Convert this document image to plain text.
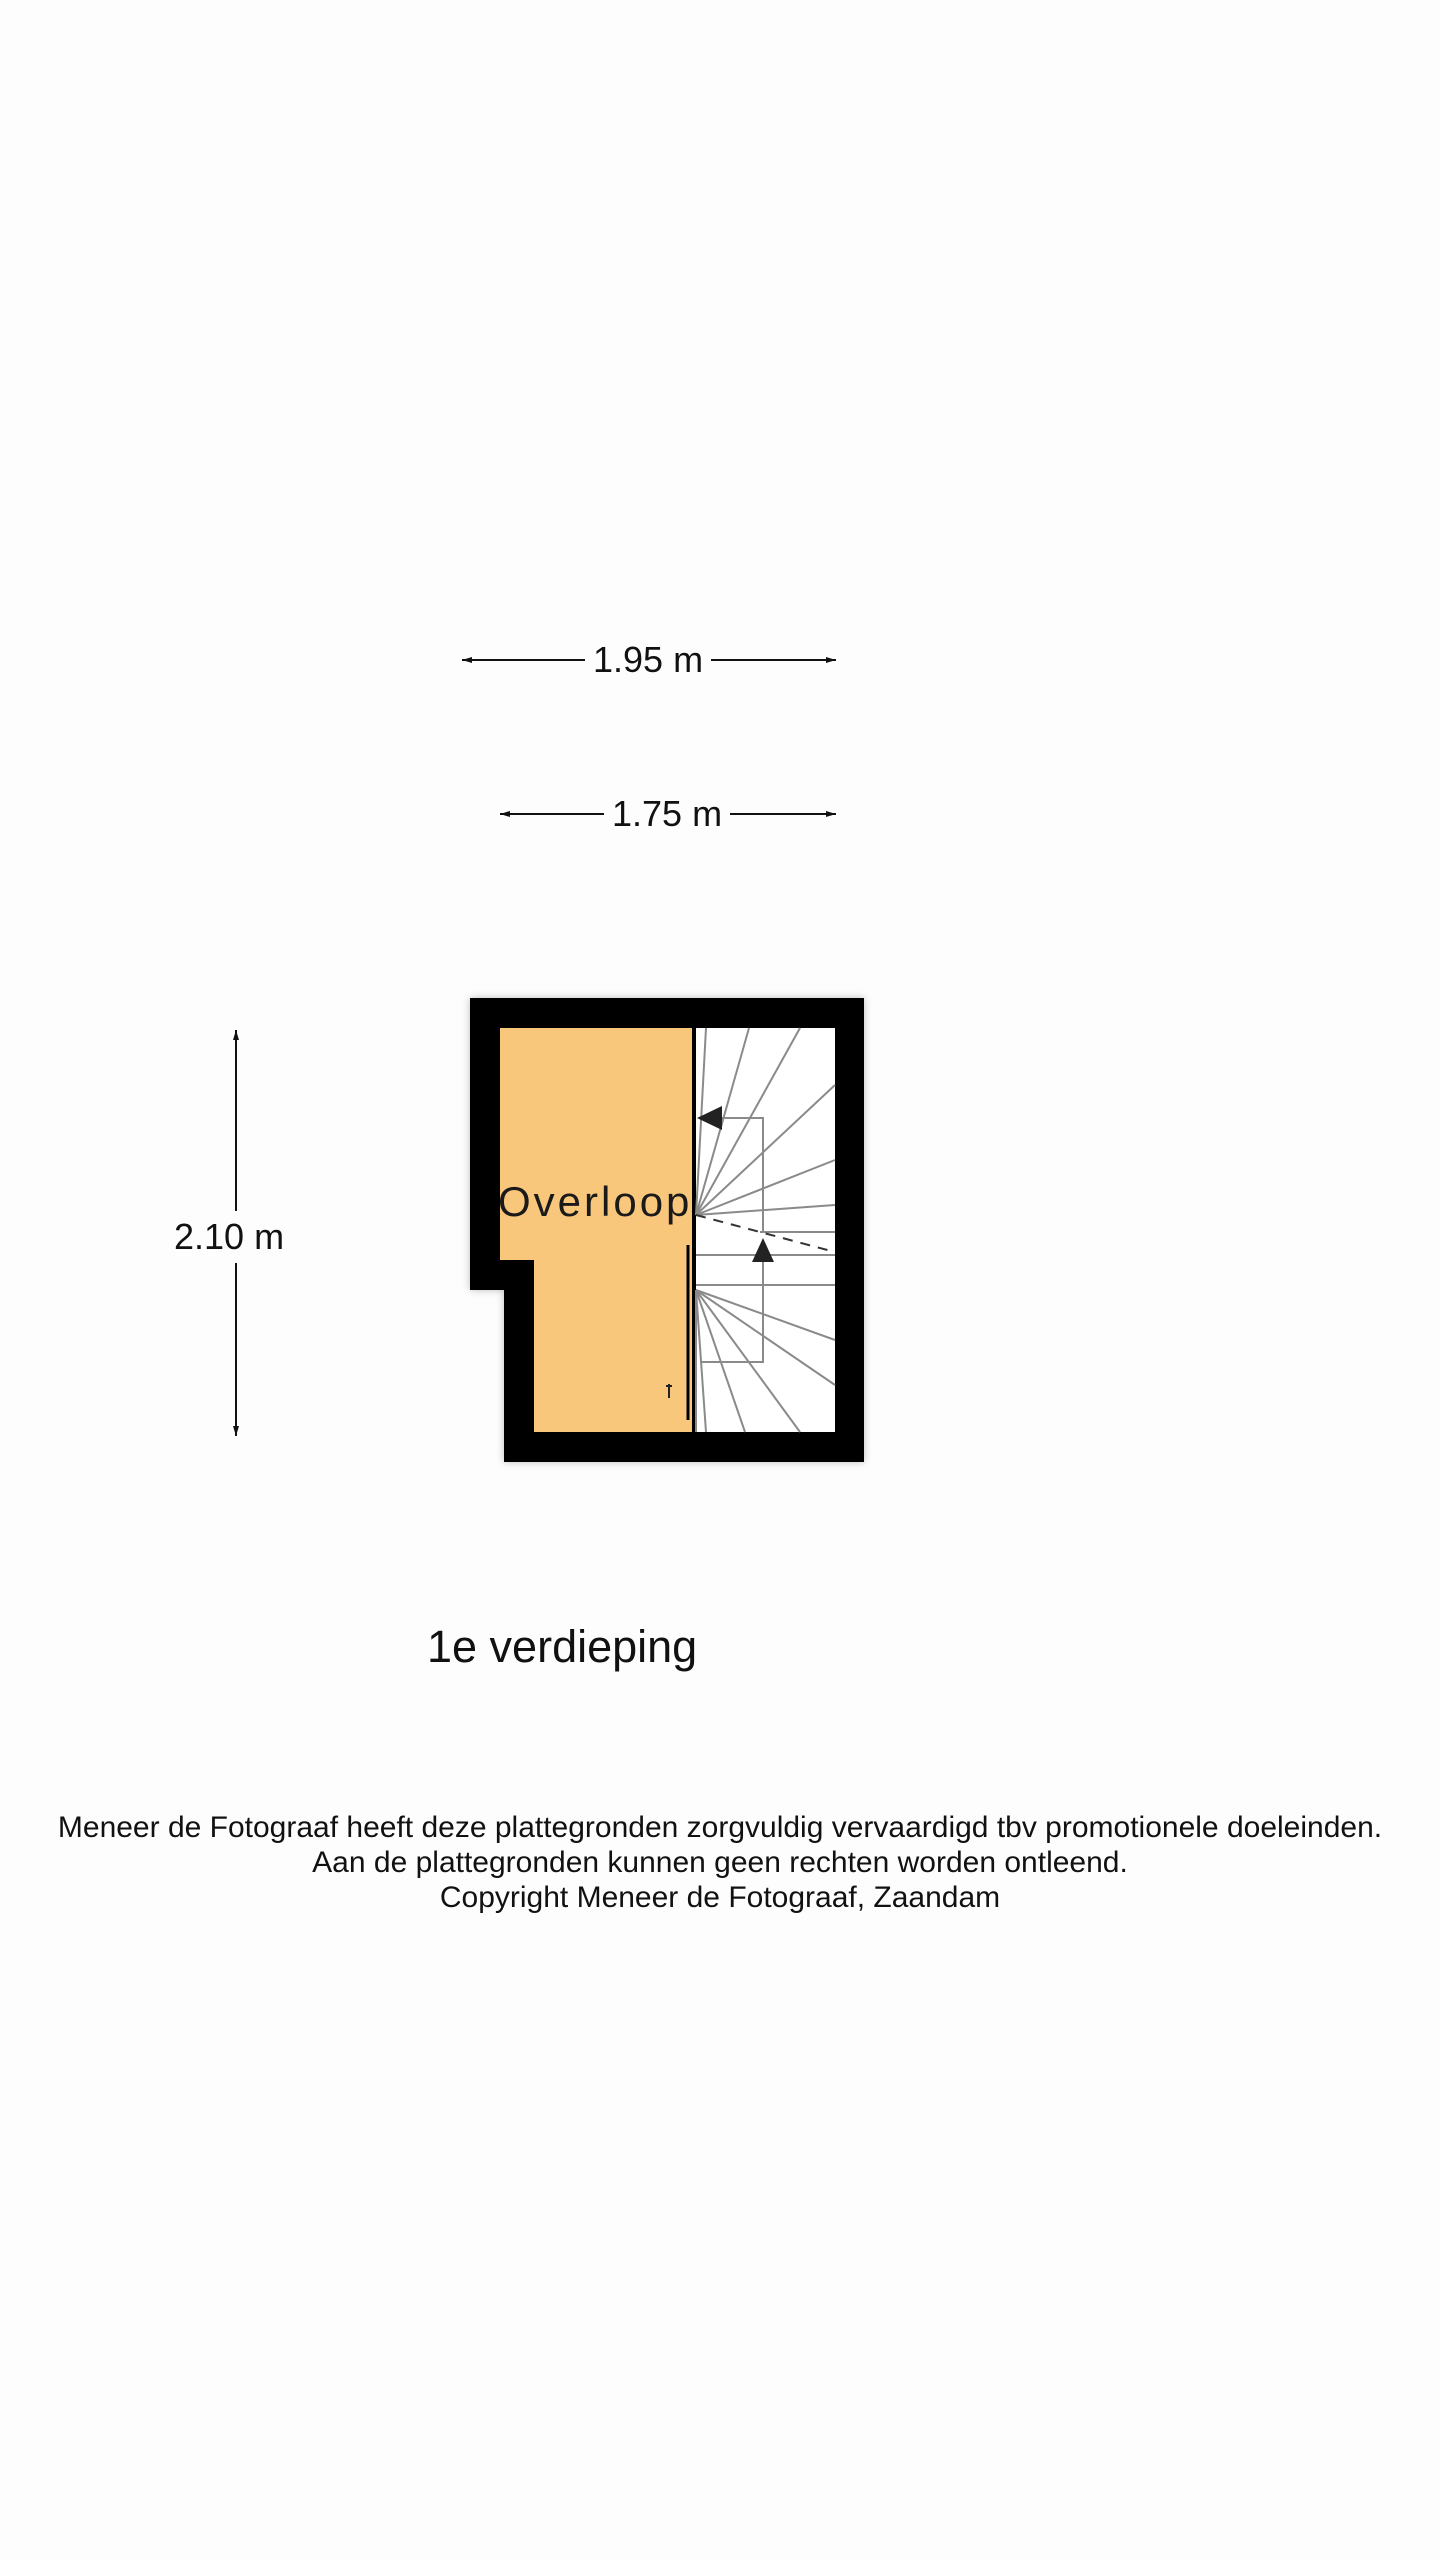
1.95 m
1.75 m
2.10 m
Overloop
1e verdieping
Meneer de Fotograaf heeft deze plattegronden zorgvuldig vervaardigd tbv promotionele doeleinden.
Aan de plattegronden kunnen geen rechten worden ontleend.
Copyright Meneer de Fotograaf, Zaandam
